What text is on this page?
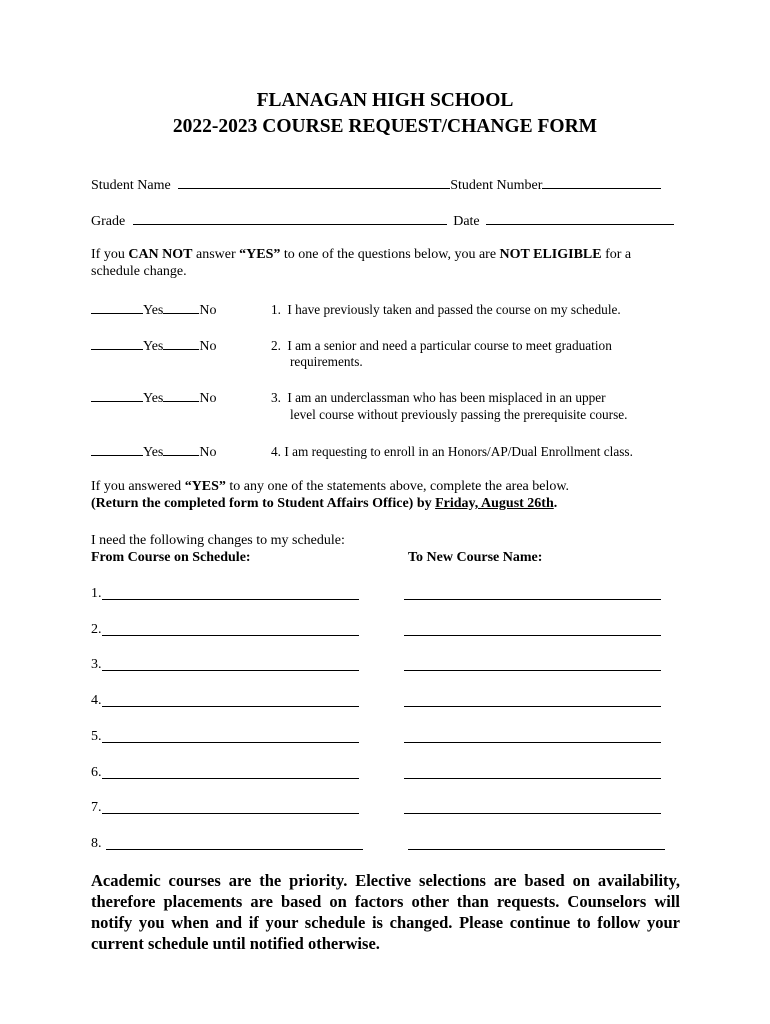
FLANAGAN HIGH SCHOOL
2022-2023 COURSE REQUEST/CHANGE FORM
Student Name	Student Number
Grade	Date
If you CAN NOT answer “YES” to one of the questions below, you are NOT ELIGIBLE for a
schedule change.
Yes	No	1. I have previously taken and passed the course on my schedule.
Yes	No	2. I am a senior and need a particular course to meet graduation
requirements.
Yes	No	3. I am an underclassman who has been misplaced in an upper
level course without previously passing the prerequisite course.
Yes	No	4. I am requesting to enroll in an Honors/AP/Dual Enrollment class.
If you answered “YES” to any one of the statements above, complete the area below.
(Return the completed form to Student Affairs Office) by Friday, August 26th.
I need the following changes to my schedule:
From Course on Schedule:	To New Course Name:
1.
2.
3.
4.
5.
6.
7.
8.
Academic courses are the priority. Elective selections are based on availability, therefore placements are based on factors other than requests. Counselors will notify you when and if your schedule is changed. Please continue to follow your current schedule until notified otherwise.
